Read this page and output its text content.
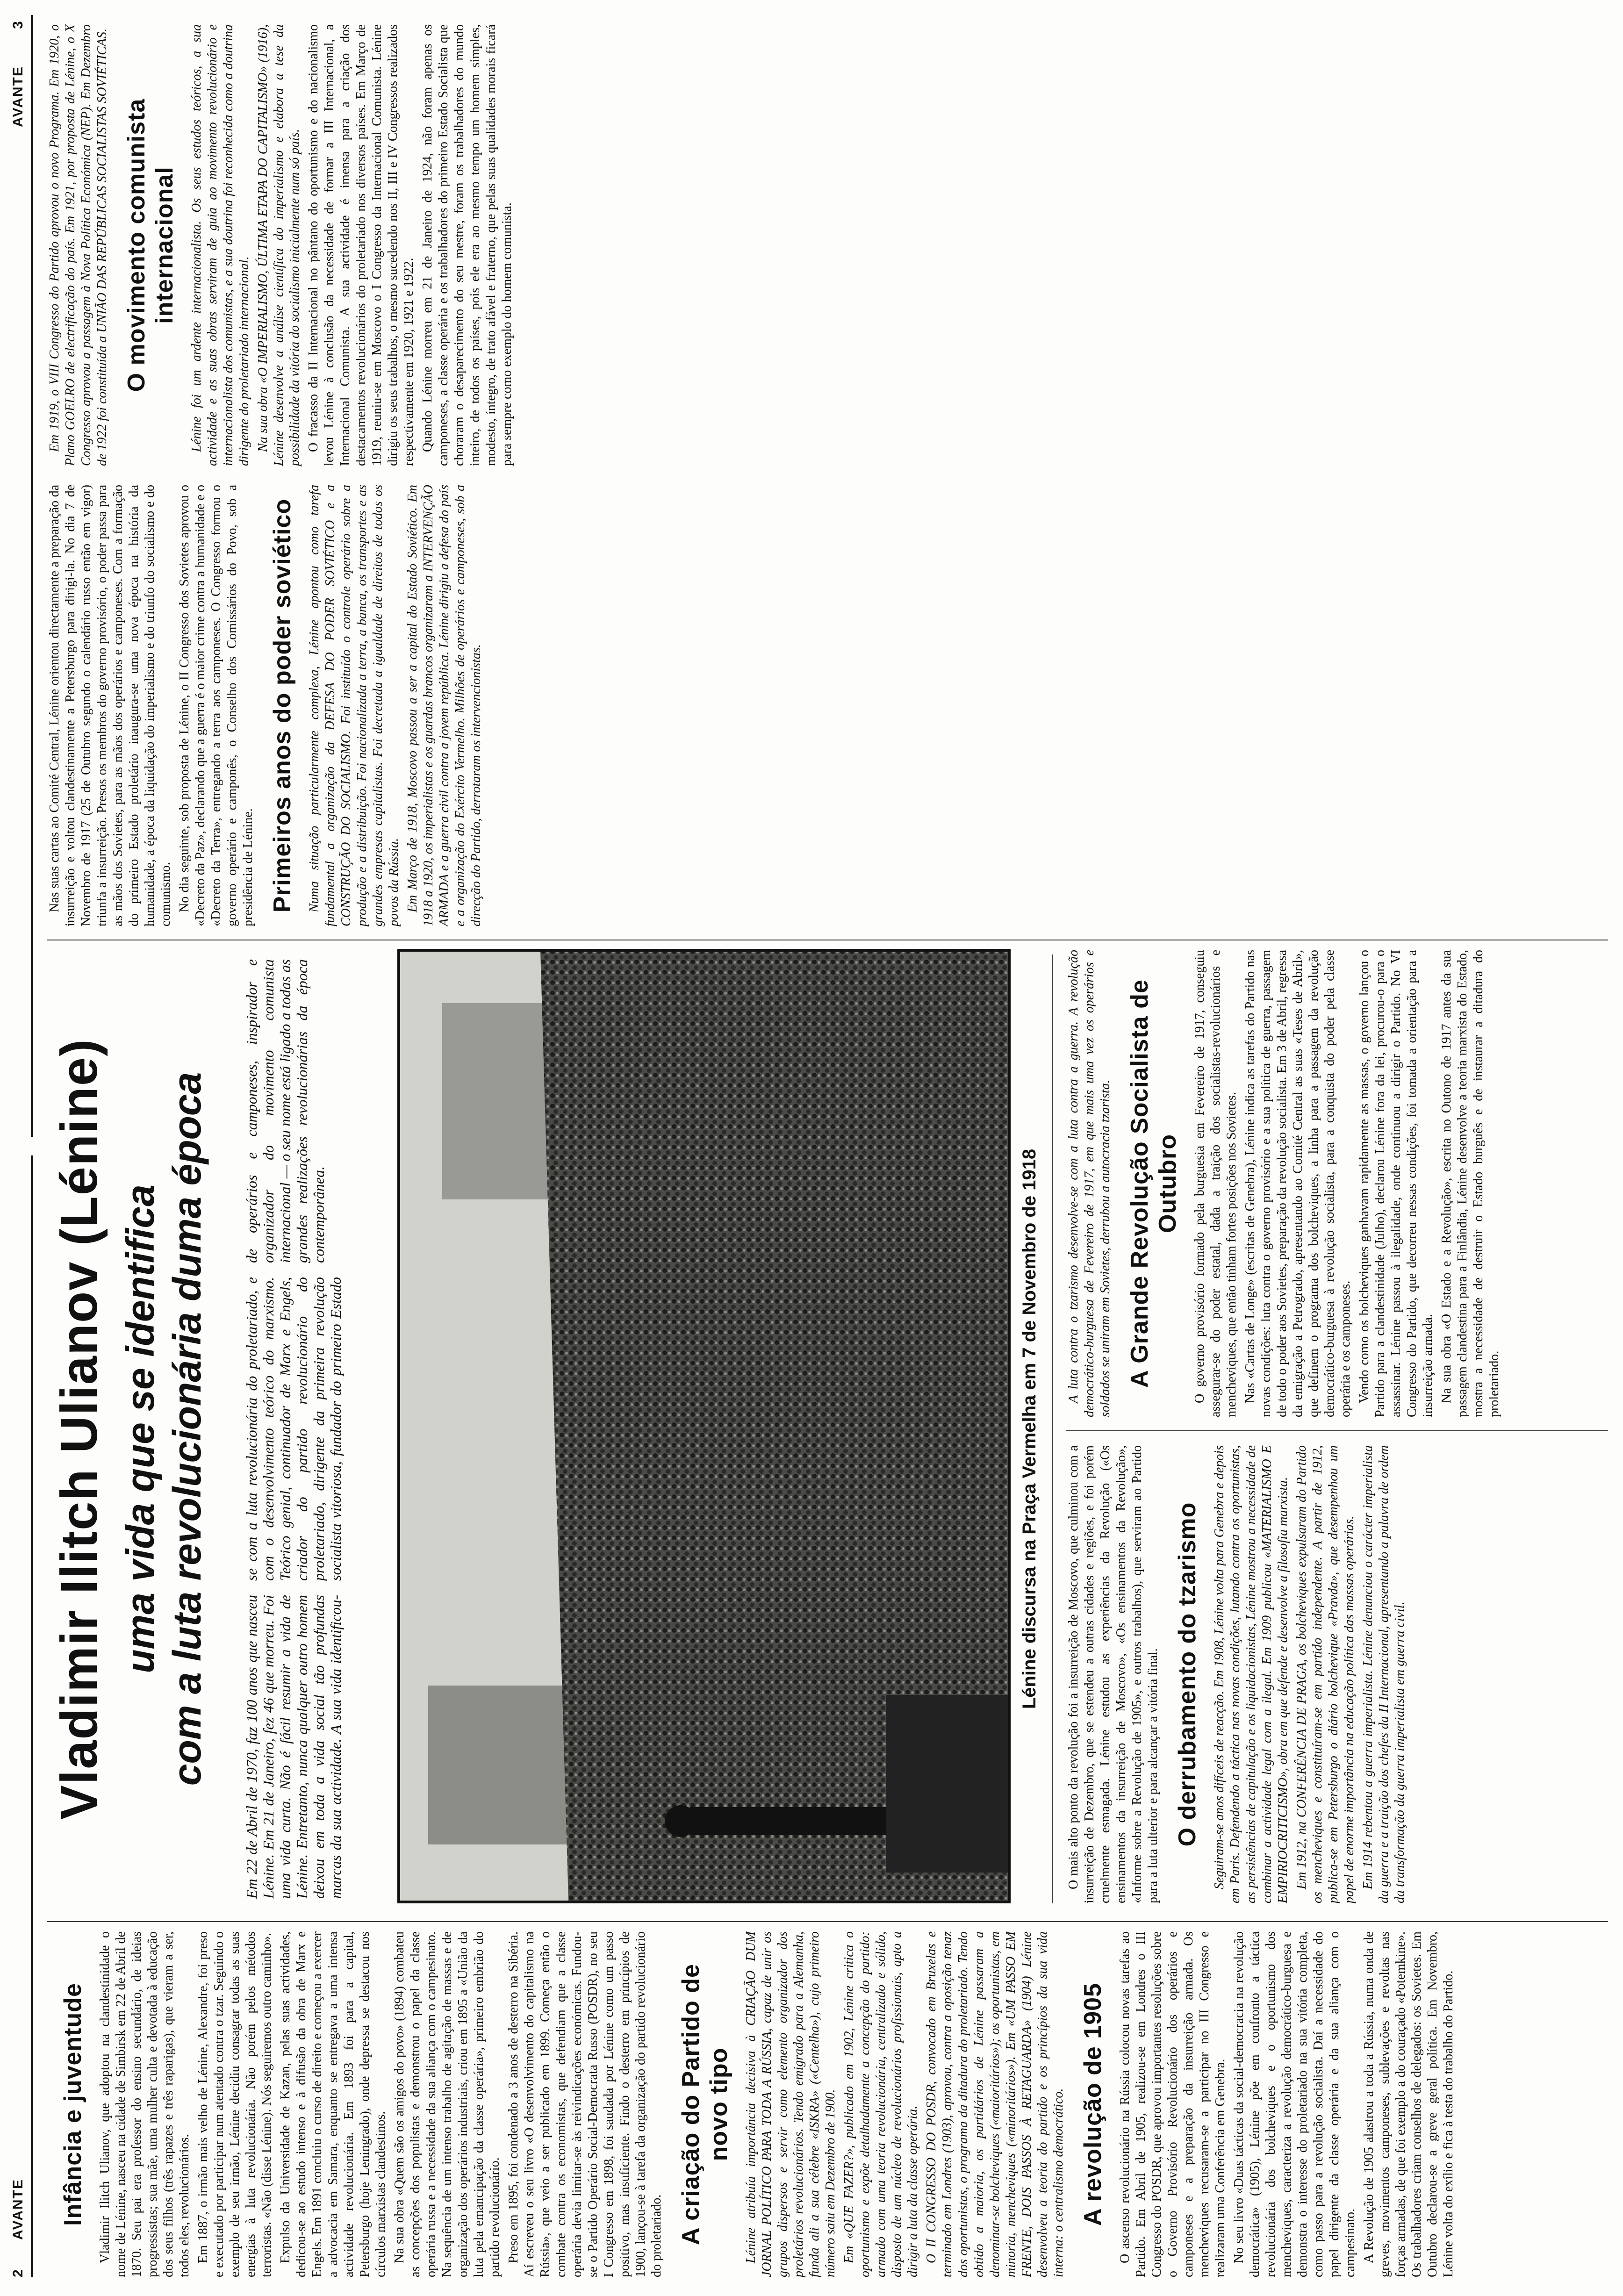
2
AVANTE
AVANTE
3
Infância e juventude Vladimir Ilitch Ulianov, que adoptou na clandestinidade o nome de Lénine, nasceu na cidade de Simbirsk em 22 de Abril de 1870. Seu pai era professor do ensino secundário, de ideias progressistas; sua mãe, uma mulher culta e devotada à educação dos seus filhos (três rapazes e três raparigas), que vieram a ser, todos eles, revolucionários. Em 1887, o irmão mais velho de Lénine, Alexandre, foi preso e executado por participar num atentado contra o tzar. Seguindo o exemplo de seu irmão, Lénine decidiu consagrar todas as suas energias à luta revolucionária. Não porém pelos métodos terroristas. «Não (disse Lénine). Nós seguiremos outro caminho». Expulso da Universidade de Kazan, pelas suas actividades, dedicou-se ao estudo intenso e à difusão da obra de Marx e Engels. Em 1891 concluiu o curso de direito e começou a exercer a advocacia em Samara, enquanto se entregava a uma intensa actividade revolucionária. Em 1893 foi para a capital, Petersburgo (hoje Leningrado), onde depressa se destacou nos círculos marxistas clandestinos. Na sua obra «Quem são os amigos do povo» (1894) combateu as concepções dos populistas e demonstrou o papel da classe operária russa e a necessidade da sua aliança com o campesinato. Na sequência de um intenso trabalho de agitação de massas e de organização dos operários industriais, criou em 1895 a «União da luta pela emancipação da classe operária», primeiro embrião do partido revolucionário. Preso em 1895, foi condenado a 3 anos de desterro na Sibéria. Aí escreveu o seu livro «O desenvolvimento do capitalismo na Rússia», que veio a ser publicado em 1899. Começa então o combate contra os economistas, que defendiam que a classe operária devia limitar-se às reivindicações económicas. Fundou-se o Partido Operário Social-Democrata Russo (POSDR), no seu I Congresso em 1898, foi saudada por Lénine como um passo positivo, mas insuficiente. Findo o desterro em princípios de 1900, lançou-se à tarefa da organização do partido revolucionário do proletariado. A criação do Partido de novo tipo Lénine atribuía importância decisiva à CRIAÇÃO DUM JORNAL POLÍTICO PARA TODA A RÚSSIA, capaz de unir os grupos dispersos e servir como elemento organizador dos proletários revolucionários. Tendo emigrado para a Alemanha, funda ali a sua célebre «ISKRA» («Centelha»), cujo primeiro número saiu em Dezembro de 1900. Em «QUE FAZER?», publicado em 1902, Lénine critica o oportunismo e expõe detalhadamente a concepção do partido: armado com uma teoria revolucionária, centralizado e sólido, disposto de um núcleo de revolucionários profissionais, apto a dirigir a luta da classe operária. O II CONGRESSO DO POSDR, convocado em Bruxelas e terminado em Londres (1903), aprovou, contra a oposição tenaz dos oportunistas, o programa da ditadura do proletariado. Tendo obtido a maioria, os partidários de Lénine passaram a denominar-se bolcheviques («maioritários»); os oportunistas, em minoria, mencheviques («minoritários»). Em «UM PASSO EM FRENTE, DOIS PASSOS À RETAGUARDA» (1904) Lénine desenvolveu a teoria do partido e os princípios da sua vida interna: o centralismo democrático. A revolução de 1905 O ascenso revolucionário na Rússia colocou novas tarefas ao Partido. Em Abril de 1905, realizou-se em Londres o III Congresso do POSDR, que aprovou importantes resoluções sobre o Governo Provisório Revolucionário dos operários e camponeses e a preparação da insurreição armada. Os mencheviques recusaram-se a participar no III Congresso e realizaram uma Conferência em Genebra. No seu livro «Duas tácticas da social-democracia na revolução democrática» (1905), Lénine põe em confronto a táctica revolucionária dos bolcheviques e o oportunismo dos mencheviques, caracteriza a revolução democrático-burguesa e demonstra o interesse do proletariado na sua vitória completa, como passo para a revolução socialista. Daí a necessidade do papel dirigente da classe operária e da sua aliança com o campesinato. A Revolução de 1905 alastrou a toda a Rússia, numa onda de greves, movimentos camponeses, sublevações e revoltas nas forças armadas, de que foi exemplo a do couraçado «Potemkine». Os trabalhadores criam conselhos de delegados: os Sovietes. Em Outubro declarou-se a greve geral política. Em Novembro, Lénine volta do exílio e fica à testa do trabalho do Partido.

Vladimir Ilitch Ulianov (Lénine) uma vida que se identifica com a luta revolucionária duma época Em 22 de Abril de 1970, faz 100 anos que nasceu Lénine. Em 21 de Janeiro, fez 46 que morreu. Foi uma vida curta. Não é fácil resumir a vida de Lénine. Entretanto, nunca qualquer outro homem deixou em toda a vida social tão profundas marcas da sua actividade. A sua vida identificou-se com a luta revolucionária do proletariado, e com o desenvolvimento teórico do marxismo. Teórico genial, continuador de Marx e Engels, criador do partido revolucionário do proletariado, dirigente da primeira revolução socialista vitoriosa, fundador do primeiro Estado de operários e camponeses, inspirador e organizador do movimento comunista internacional — o seu nome está ligado a todas as grandes realizações revolucionárias da época contemporânea.	Lénine discursa na Praça Vermelha em 7 de Novembro de 1918 O mais alto ponto da revolução foi a insurreição de Moscovo, que culminou com a insurreição de Dezembro, que se estendeu a outras cidades e regiões, e foi porém cruelmente esmagada. Lénine estudou as experiências da Revolução («Os ensinamentos da insurreição de Moscovo», «Os ensinamentos da Revolução», «Informe sobre a Revolução de 1905», e outros trabalhos), que serviram ao Partido para a luta ulterior e para alcançar a vitória final. O derrubamento do tzarismo Seguiram-se anos difíceis de reacção. Em 1908, Lénine volta para Genebra e depois em Paris. Defendendo a táctica nas novas condições, lutando contra os oportunistas, as persistências de capitulação e os liquidacionistas, Lénine mostrou a necessidade de combinar a actividade legal com a ilegal. Em 1909 publicou «MATERIALISMO E EMPIRIOCRITICISMO», obra em que defende e desenvolve a filosofia marxista. Em 1912, na CONFERÊNCIA DE PRAGA, os bolcheviques expulsaram do Partido os mencheviques e constituíram-se em partido independente. A partir de 1912, publica-se em Petersburgo o diário bolchevique «Pravda», que desempenhou um papel de enorme importância na educação política das massas operárias. Em 1914 rebentou a guerra imperialista. Lénine denunciou o carácter imperialista da guerra e a traição dos chefes da II Internacional, apresentando a palavra de ordem da transformação da guerra imperialista em guerra civil.

A luta contra o tzarismo desenvolve-se com a luta contra a guerra. A revolução democrático-burguesa de Fevereiro de 1917, em que mais uma vez os operários e soldados se uniram em Sovietes, derrubou a autocracia tzarista. A Grande Revolução Socialista de Outubro O governo provisório formado pela burguesia em Fevereiro de 1917, conseguiu assegurar-se do poder estatal, dada a traição dos socialistas-revolucionários e mencheviques, que então tinham fortes posições nos Sovietes. Nas «Cartas de Longe» (escritas de Genebra), Lénine indica as tarefas do Partido nas novas condições: luta contra o governo provisório e a sua política de guerra, passagem de todo o poder aos Sovietes, preparação da revolução socialista. Em 3 de Abril, regressa da emigração a Petrogrado, apresentando ao Comité Central as suas «Teses de Abril», que definem o programa dos bolcheviques, a linha para a passagem da revolução democrático-burguesa à revolução socialista, para a conquista do poder pela classe operária e os camponeses. Vendo como os bolcheviques ganhavam rapidamente as massas, o governo lançou o Partido para a clandestinidade (Julho), declarou Lénine fora da lei, procurou-o para o assassinar. Lénine passou à ilegalidade, onde continuou a dirigir o Partido. No VI Congresso do Partido, que decorreu nessas condições, foi tomada a orientação para a insurreição armada. Na sua obra «O Estado e a Revolução», escrita no Outono de 1917 antes da sua passagem clandestina para a Finlândia, Lénine desenvolve a teoria marxista do Estado, mostra a necessidade de destruir o Estado burguês e de instaurar a ditadura do proletariado.

Nas suas cartas ao Comité Central, Lénine orientou directamente a preparação da insurreição e voltou clandestinamente a Petersburgo para dirigi-la. No dia 7 de Novembro de 1917 (25 de Outubro segundo o calendário russo então em vigor) triunfa a insurreição. Presos os membros do governo provisório, o poder passa para as mãos dos Sovietes, para as mãos dos operários e camponeses. Com a formação do primeiro Estado proletário inaugura-se uma nova época na história da humanidade, a época da liquidação do imperialismo e do triunfo do socialismo e do comunismo. No dia seguinte, sob proposta de Lénine, o II Congresso dos Sovietes aprovou o «Decreto da Paz», declarando que a guerra é o maior crime contra a humanidade e o «Decreto da Terra», entregando a terra aos camponeses. O Congresso formou o governo operário e camponês, o Conselho dos Comissários do Povo, sob a presidência de Lénine. Primeiros anos do poder soviético Numa situação particularmente complexa, Lénine apontou como tarefa fundamental a organização da DEFESA DO PODER SOVIÉTICO e a CONSTRUÇÃO DO SOCIALISMO. Foi instituído o controle operário sobre a produção e a distribuição. Foi nacionalizada a terra, a banca, os transportes e as grandes empresas capitalistas. Foi decretada a igualdade de direitos de todos os povos da Rússia. Em Março de 1918, Moscovo passou a ser a capital do Estado Soviético. Em 1918 a 1920, os imperialistas e os guardas brancos organizaram a INTERVENÇÃO ARMADA e a guerra civil contra a jovem república. Lénine dirigiu a defesa do país e a organização do Exército Vermelho. Milhões de operários e camponeses, sob a direcção do Partido, derrotaram os intervencionistas.

Em 1919, o VIII Congresso do Partido aprovou o novo Programa. Em 1920, o Plano GOELRO de electrificação do país. Em 1921, por proposta de Lénine, o X Congresso aprovou a passagem à Nova Política Económica (NEP). Em Dezembro de 1922 foi constituída a UNIÃO DAS REPÚBLICAS SOCIALISTAS SOVIÉTICAS. O movimento comunista internacional Lénine foi um ardente internacionalista. Os seus estudos teóricos, a sua actividade e as suas obras serviram de guia ao movimento revolucionário e internacionalista dos comunistas, e a sua doutrina foi reconhecida como a doutrina dirigente do proletariado internacional. Na sua obra «O IMPERIALISMO, ÚLTIMA ETAPA DO CAPITALISMO» (1916), Lénine desenvolve a análise científica do imperialismo e elabora a tese da possibilidade da vitória do socialismo inicialmente num só país. O fracasso da II Internacional no pântano do oportunismo e do nacionalismo levou Lénine à conclusão da necessidade de formar a III Internacional, a Internacional Comunista. A sua actividade é imensa para a criação dos destacamentos revolucionários do proletariado nos diversos países. Em Março de 1919, reuniu-se em Moscovo o I Congresso da Internacional Comunista. Lénine dirigiu os seus trabalhos, o mesmo sucedendo nos II, III e IV Congressos realizados respectivamente em 1920, 1921 e 1922. Quando Lénine morreu em 21 de Janeiro de 1924, não foram apenas os camponeses, a classe operária e os trabalhadores do primeiro Estado Socialista que choraram o desaparecimento do seu mestre, foram os trabalhadores do mundo inteiro, de todos os países, pois ele era ao mesmo tempo um homem simples, modesto, íntegro, de trato afável e fraterno, que pelas suas qualidades morais ficará para sempre como exemplo do homem comunista.
